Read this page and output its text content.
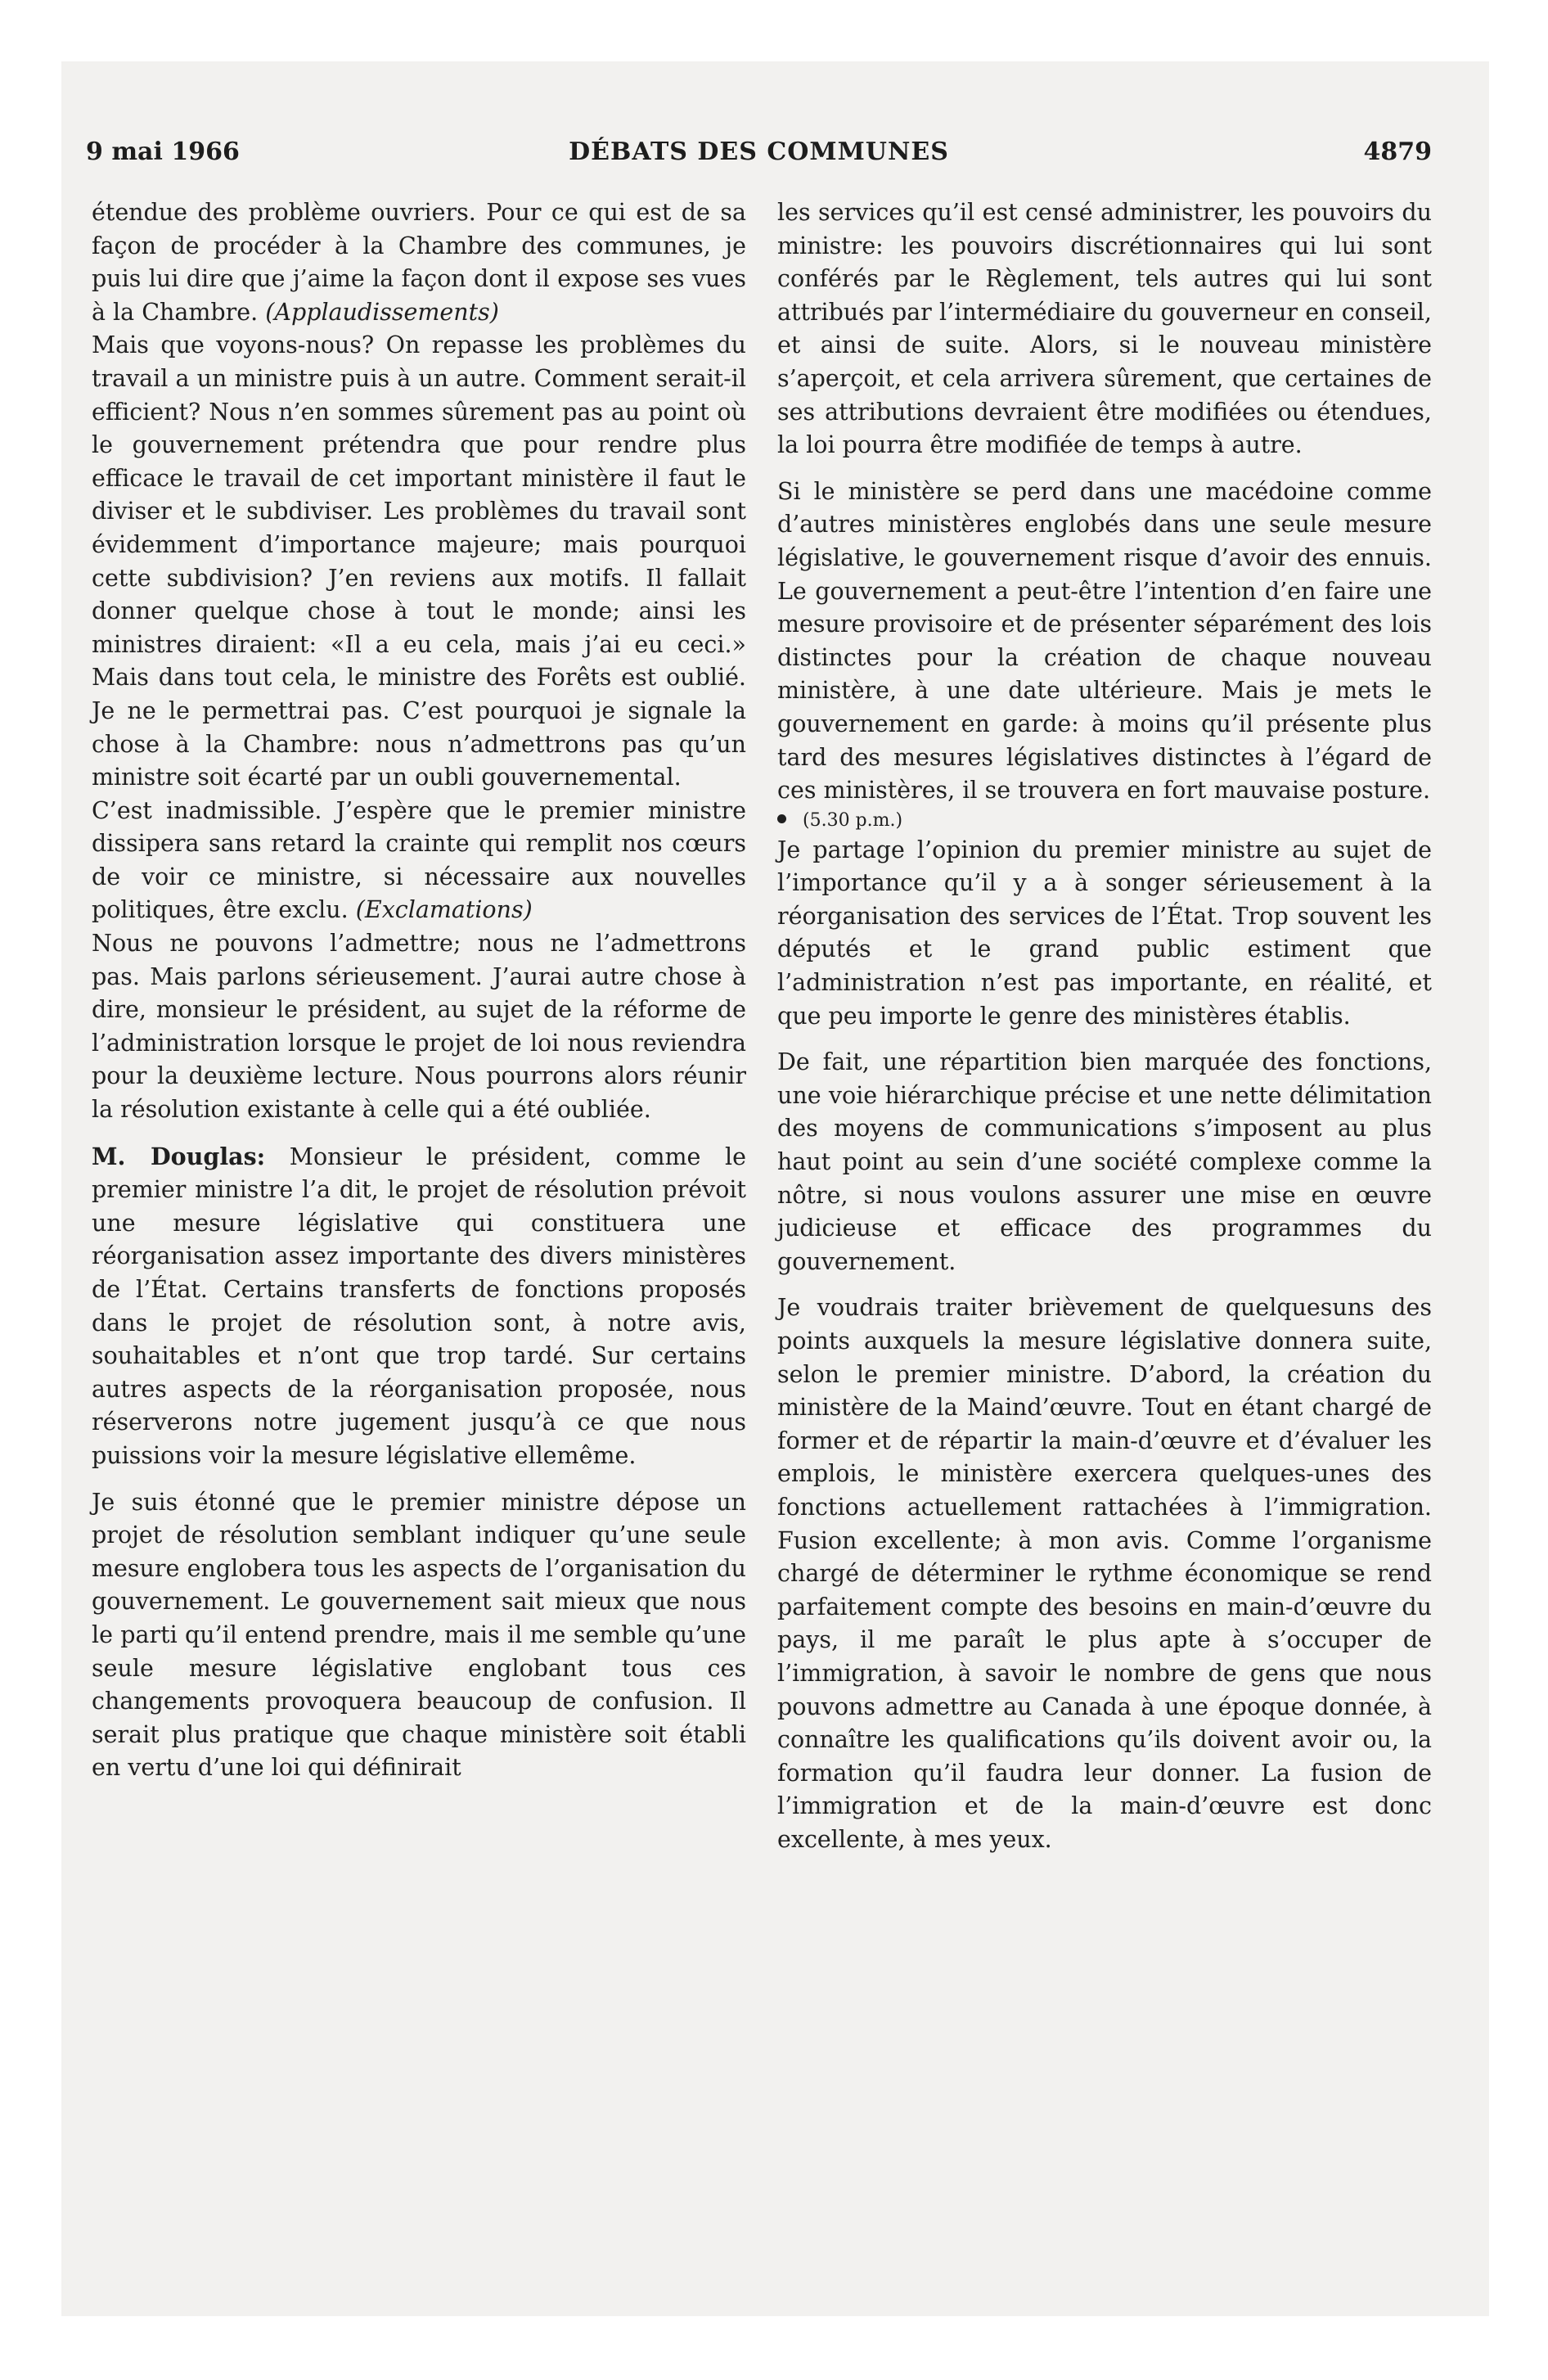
9 mai 1966	DÉBATS DES COMMUNES	4879

étendue des problème ouvriers. Pour ce qui est de sa façon de procéder à la Chambre des communes, je puis lui dire que j’aime la façon dont il expose ses vues à la Chambre. (Applaudissements)

Mais que voyons-nous? On repasse les problèmes du travail a un ministre puis à un autre. Comment serait-il efficient? Nous n’en sommes sûrement pas au point où le gouvernement prétendra que pour rendre plus efficace le travail de cet important ministère il faut le diviser et le subdiviser. Les problèmes du travail sont évidemment d’importance majeure; mais pourquoi cette subdivision? J’en reviens aux motifs. Il fallait donner quelque chose à tout le monde; ainsi les ministres diraient: «Il a eu cela, mais j’ai eu ceci.» Mais dans tout cela, le ministre des Forêts est oublié. Je ne le permettrai pas. C’est pourquoi je signale la chose à la Chambre: nous n’admettrons pas qu’un ministre soit écarté par un oubli gouvernemental.

C’est inadmissible. J’espère que le premier ministre dissipera sans retard la crainte qui remplit nos cœurs de voir ce ministre, si nécessaire aux nouvelles politiques, être exclu. (Exclamations)

Nous ne pouvons l’admettre; nous ne l’admettrons pas. Mais parlons sérieusement. J’aurai autre chose à dire, monsieur le président, au sujet de la réforme de l’administration lorsque le projet de loi nous reviendra pour la deuxième lecture. Nous pourrons alors réunir la résolution existante à celle qui a été oubliée.

M. Douglas: Monsieur le président, comme le premier ministre l’a dit, le projet de résolution prévoit une mesure législative qui constituera une réorganisation assez importante des divers ministères de l’État. Certains transferts de fonctions proposés dans le projet de résolution sont, à notre avis, souhaitables et n’ont que trop tardé. Sur certains autres aspects de la réorganisation proposée, nous réserverons notre jugement jusqu’à ce que nous puissions voir la mesure législative ellemême.

Je suis étonné que le premier ministre dépose un projet de résolution semblant indiquer qu’une seule mesure englobera tous les aspects de l’organisation du gouvernement. Le gouvernement sait mieux que nous le parti qu’il entend prendre, mais il me semble qu’une seule mesure législative englobant tous ces changements provoquera beaucoup de confusion. Il serait plus pratique que chaque ministère soit établi en vertu d’une loi qui définirait

les services qu’il est censé administrer, les pouvoirs du ministre: les pouvoirs discrétionnaires qui lui sont conférés par le Règlement, tels autres qui lui sont attribués par l’intermédiaire du gouverneur en conseil, et ainsi de suite. Alors, si le nouveau ministère s’aperçoit, et cela arrivera sûrement, que certaines de ses attributions devraient être modifiées ou étendues, la loi pourra être modifiée de temps à autre.

Si le ministère se perd dans une macédoine comme d’autres ministères englobés dans une seule mesure législative, le gouvernement risque d’avoir des ennuis. Le gouvernement a peut-être l’intention d’en faire une mesure provisoire et de présenter séparément des lois distinctes pour la création de chaque nouveau ministère, à une date ultérieure. Mais je mets le gouvernement en garde: à moins qu’il présente plus tard des mesures législatives distinctes à l’égard de ces ministères, il se trouvera en fort mauvaise posture.

(5.30 p.m.)

Je partage l’opinion du premier ministre au sujet de l’importance qu’il y a à songer sérieusement à la réorganisation des services de l’État. Trop souvent les députés et le grand public estiment que l’administration n’est pas importante, en réalité, et que peu importe le genre des ministères établis.

De fait, une répartition bien marquée des fonctions, une voie hiérarchique précise et une nette délimitation des moyens de communications s’imposent au plus haut point au sein d’une société complexe comme la nôtre, si nous voulons assurer une mise en œuvre judicieuse et efficace des programmes du gouvernement.

Je voudrais traiter brièvement de quelquesuns des points auxquels la mesure législative donnera suite, selon le premier ministre. D’abord, la création du ministère de la Maind’œuvre. Tout en étant chargé de former et de répartir la main-d’œuvre et d’évaluer les emplois, le ministère exercera quelques-unes des fonctions actuellement rattachées à l’immigration. Fusion excellente; à mon avis. Comme l’organisme chargé de déterminer le rythme économique se rend parfaitement compte des besoins en main-d’œuvre du pays, il me paraît le plus apte à s’occuper de l’immigration, à savoir le nombre de gens que nous pouvons admettre au Canada à une époque donnée, à connaître les qualifications qu’ils doivent avoir ou, la formation qu’il faudra leur donner. La fusion de l’immigration et de la main-d’œuvre est donc excellente, à mes yeux.
